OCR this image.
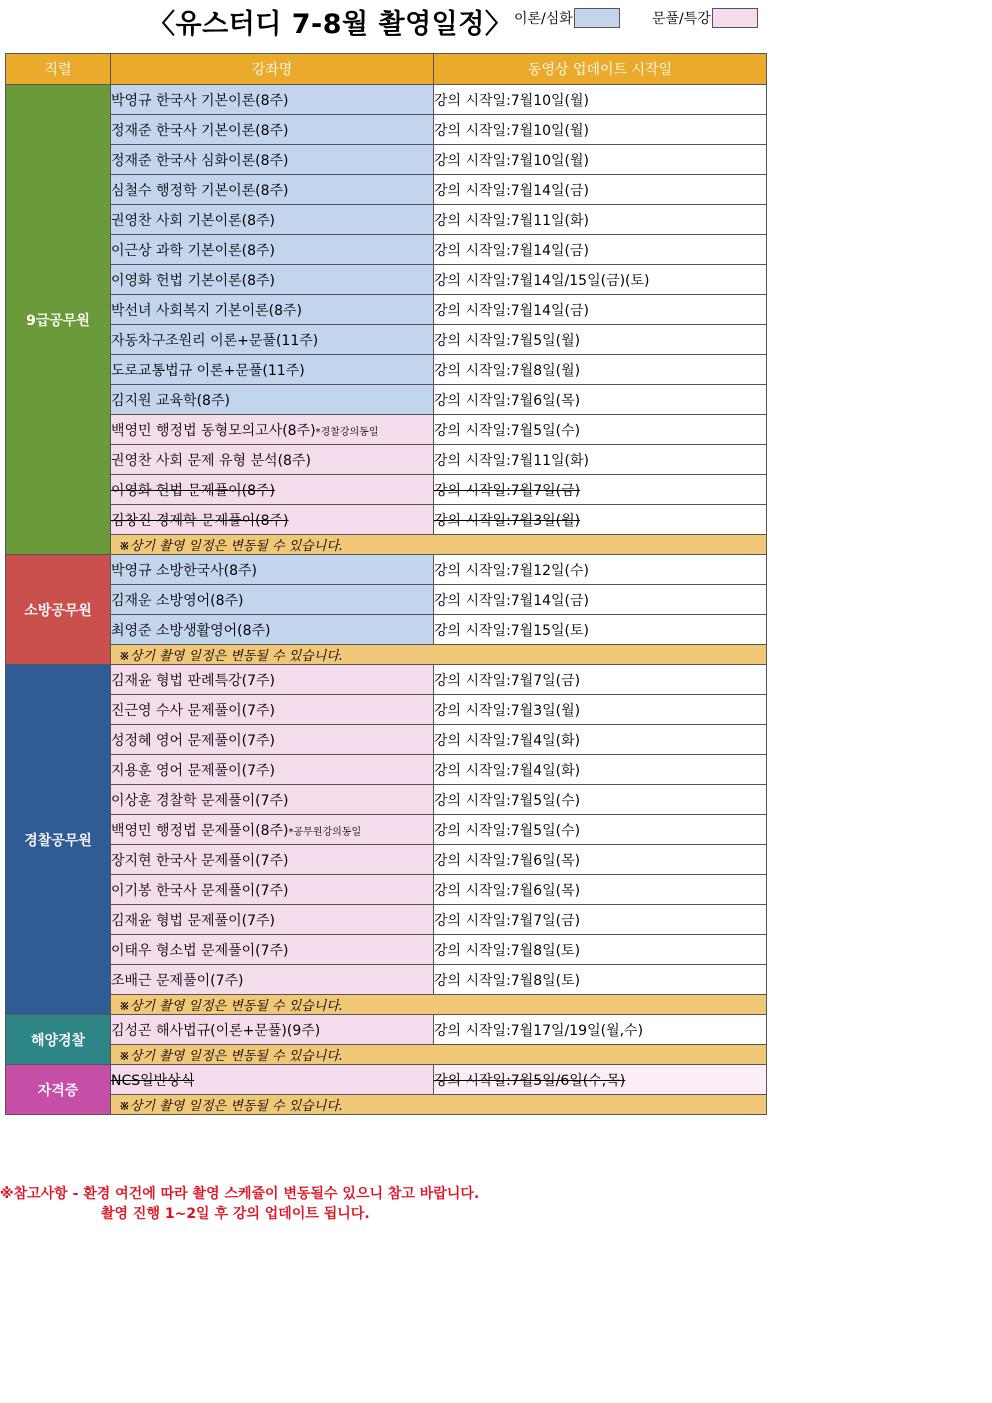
〈유스터디 7-8월 촬영일정〉 이론/심화	문풀/특강
직렬	강좌명	동영상 업데이트 시작일
9급공무원	박영규 한국사 기본이론(8주)	강의 시작일:7월10일(월)
	정재준 한국사 기본이론(8주)	강의 시작일:7월10일(월)
	정재준 한국사 심화이론(8주)	강의 시작일:7월10일(월)
	심철수 행정학 기본이론(8주)	강의 시작일:7월14일(금)
	권영찬 사회 기본이론(8주)	강의 시작일:7월11일(화)
	이근상 과학 기본이론(8주)	강의 시작일:7월14일(금)
	이영화 헌법 기본이론(8주)	강의 시작일:7월14일/15일(금)(토)
	박선녀 사회복지 기본이론(8주)	강의 시작일:7월14일(금)
	자동차구조원리 이론+문풀(11주)	강의 시작일:7월5일(월)
	도로교통법규 이론+문풀(11주)	강의 시작일:7월8일(월)
	김지원 교육학(8주)	강의 시작일:7월6일(목)
	백영민 행정법 동형모의고사(8주)*경찰강의동일	강의 시작일:7월5일(수)
	권영찬 사회 문제 유형 분석(8주)	강의 시작일:7월11일(화)
	이영화 헌법 문제풀이(8주)	강의 시작일:7월7일(금)
	김창진 경제학 문제풀이(8주)	강의 시작일:7월3일(월)
	※상기 촬영 일정은 변동될 수 있습니다.	
소방공무원	박영규 소방한국사(8주)	강의 시작일:7월12일(수)
	김재운 소방영어(8주)	강의 시작일:7월14일(금)
	최영준 소방생활영어(8주)	강의 시작일:7월15일(토)
	※상기 촬영 일정은 변동될 수 있습니다.	
경찰공무원	김재윤 형법 판례특강(7주)	강의 시작일:7월7일(금)
	진근영 수사 문제풀이(7주)	강의 시작일:7월3일(월)
	성정혜 영어 문제풀이(7주)	강의 시작일:7월4일(화)
	지용훈 영어 문제풀이(7주)	강의 시작일:7월4일(화)
	이상훈 경찰학 문제풀이(7주)	강의 시작일:7월5일(수)
	백영민 행정법 문제풀이(8주)*공무원강의동일	강의 시작일:7월5일(수)
	장지현 한국사 문제풀이(7주)	강의 시작일:7월6일(목)
	이기봉 한국사 문제풀이(7주)	강의 시작일:7월6일(목)
	김재윤 형법 문제풀이(7주)	강의 시작일:7월7일(금)
	이태우 형소법 문제풀이(7주)	강의 시작일:7월8일(토)
	조배근 문제풀이(7주)	강의 시작일:7월8일(토)
	※상기 촬영 일정은 변동될 수 있습니다.	
해양경찰	김성곤 해사법규(이론+문풀)(9주)	강의 시작일:7월17일/19일(월,수)
	※상기 촬영 일정은 변동될 수 있습니다.	
자격증	NCS일반상식	강의 시작일:7월5일/6일(수,목)
	※상기 촬영 일정은 변동될 수 있습니다.	
※참고사항 - 환경 여건에 따라 촬영 스케쥴이 변동될수 있으니 참고 바랍니다.
촬영 진행 1~2일 후 강의 업데이트 됩니다.
